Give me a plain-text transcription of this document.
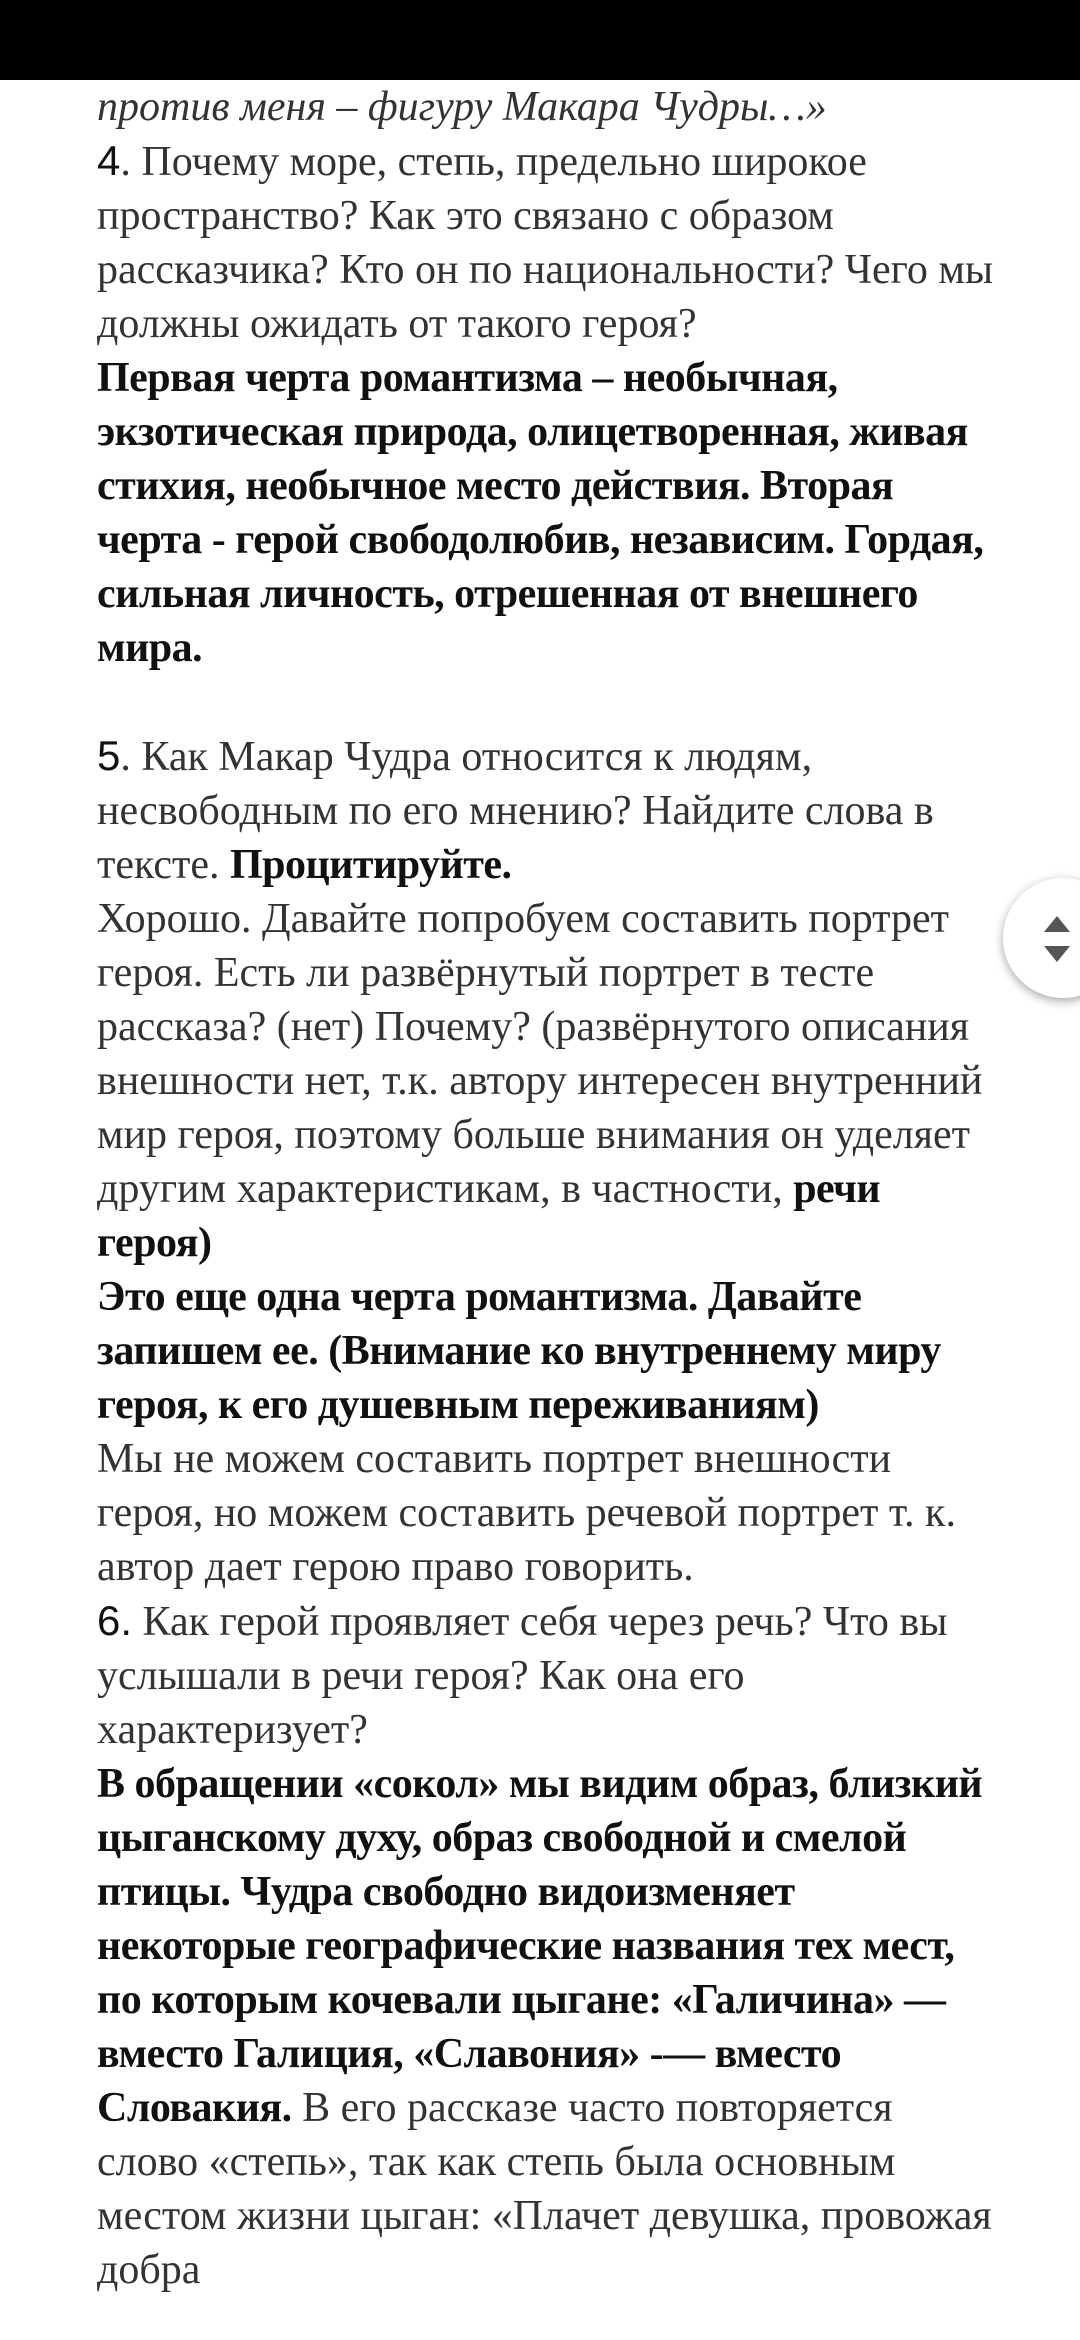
против меня – фигуру Макара Чудры…»

4. Почему море, степь, предельно широкое пространство? Как это связано с образом рассказчика? Кто он по национальности? Чего мы должны ожидать от такого героя?

Первая черта романтизма – необычная, экзотическая природа, олицетворенная, живая стихия, необычное место действия. Вторая черта - герой свободолюбив, независим. Гордая, сильная личность, отрешенная от внешнего мира.

5. Как Макар Чудра относится к людям, несвободным по его мнению? Найдите слова в тексте. Процитируйте.

Хорошо. Давайте попробуем составить портрет героя. Есть ли развёрнутый портрет в тесте рассказа? (нет) Почему? (развёрнутого описания внешности нет, т.к. автору интересен внутренний мир героя, поэтому больше внимания он уделяет другим характеристикам, в частности, речи героя)

Это еще одна черта романтизма. Давайте запишем ее. (Внимание ко внутреннему миру героя, к его душевным переживаниям)

Мы не можем составить портрет внешности героя, но можем составить речевой портрет т. к. автор дает герою право говорить.

6. Как герой проявляет себя через речь? Что вы услышали в речи героя? Как она его характеризует?

В обращении «сокол» мы видим образ, близкий цыганскому духу, образ свободной и смелой птицы. Чудра свободно видоизменяет некоторые географические названия тех мест, по которым кочевали цыгане: «Галичина» — вместо Галиция, «Славония» -— вместо Словакия. В его рассказе часто повторяется слово «степь», так как степь была основным местом жизни цыган: «Плачет девушка, провожая добра
